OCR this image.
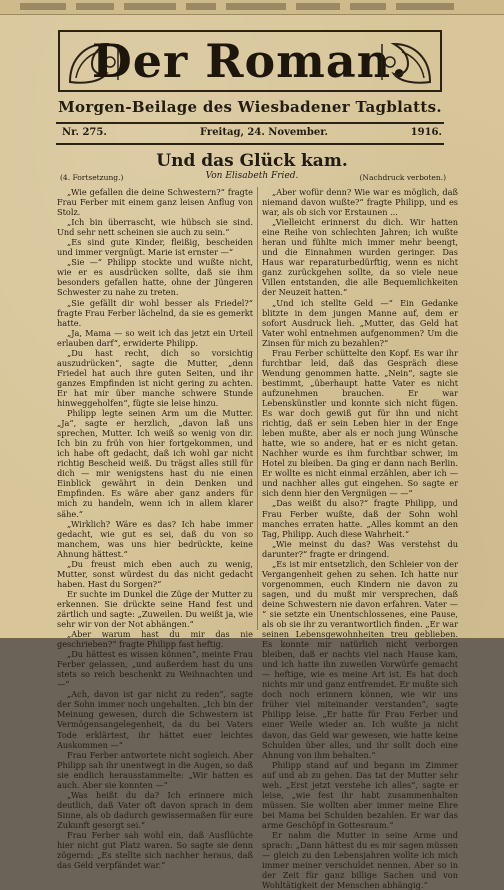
Der Roman.
Morgen-Beilage des Wiesbadener Tagblatts.
Nr. 275.	Freitag, 24. November.	1916.
Und das Glück kam.
(4. Fortsetzung.)	Von Elisabeth Fried.	(Nachdruck verboten.)

„Wie gefallen die deine Schwestern?“ fragte Frau Ferber mit einem ganz leisen Anflug von Stolz.

„Ich bin überrascht, wie hübsch sie sind. Und sehr nett scheinen sie auch zu sein.“

„Es sind gute Kinder, fleißig, bescheiden und immer vergnügt. Marie ist ernster —“

„Sie —“ Philipp stockte und wußte nicht, wie er es ausdrücken sollte, daß sie ihm besonders gefallen hatte, ohne der Jüngeren Schwester zu nahe zu treten.

„Sie gefällt dir wohl besser als Friedel?“ fragte Frau Ferber lächelnd, da sie es gemerkt hatte.

„Ja, Mama — so weit ich das jetzt ein Urteil erlauben darf“, erwiderte Philipp.

„Du hast recht, dich so vorsichtig auszudrücken“, sagte die Mutter, „denn Friedel hat auch ihre guten Seiten, und ihr ganzes Empfinden ist nicht gering zu achten. Er hat mir über manche schwere Stunde hinweggeholfen“, fügte sie leise hinzu.

Philipp legte seinen Arm um die Mutter. „Ja“, sagte er herzlich, „davon laß uns sprechen, Mutter. Ich weiß so wenig von dir. Ich bin zu früh von hier fortgekommen, und ich habe oft gedacht, daß ich wohl gar nicht richtig Bescheid weiß. Du trägst alles still für dich — mir wenigstens hast du nie einen Einblick gewährt in dein Denken und Empfinden. Es wäre aber ganz anders für mich zu handeln, wenn ich in allem klarer sähe.“

„Wirklich? Wäre es das? Ich habe immer gedacht, wie gut es sei, daß du von so manchem, was uns hier bedrückte, keine Ahnung hättest.“

„Du freust mich eben auch zu wenig, Mutter, sonst würdest du das nicht gedacht haben. Hast du Sorgen?“

Er suchte im Dunkel die Züge der Mutter zu erkennen. Sie drückte seine Hand fest und zärtlich und sagte: „Zuweilen. Du weißt ja, wie sehr wir von der Not abhängen.“

„Aber warum hast du mir das nie geschrieben?“ fragte Philipp fast heftig.

„Du hättest es wissen können“, meinte Frau Ferber gelassen, „und außerdem hast du uns stets so reich beschenkt zu Weihnachten und —“

„Ach, davon ist gar nicht zu reden“, sagte der Sohn immer noch ungehalten. „Ich bin der Meinung gewesen, durch die Schwestern ist Vermögensangelegenheit, da du bei Vaters Tode erklärtest, ihr hättet euer leichtes Auskommen —“

Frau Ferber antwortete nicht sogleich. Aber Philipp sah ihr unentwegt in die Augen, so daß sie endlich herausstammelte: „Wir hatten es auch. Aber sie konnten —“

„Was heißt du da? Ich erinnere mich deutlich, daß Vater oft davon sprach in dem Sinne, als ob dadurch gewissermaßen für eure Zukunft gesorgt sei.“

Frau Ferber sah wohl ein, daß Ausflüchte hier nicht gut Platz waren. So sagte sie denn zögernd: „Es stellte sich nachher heraus, daß das Geld verpfändet war.“

„Aber wofür denn? Wie war es möglich, daß niemand davon wußte?“ fragte Philipp, und es war, als ob sich vor Erstaunen ...

„Vielleicht erinnerst du dich. Wir hatten eine Reihe von schlechten Jahren; ich wußte heran und fühlte mich immer mehr beengt, und die Einnahmen wurden geringer. Das Haus war reparaturbedürftig, wenn es nicht ganz zurückgehen sollte, da so viele neue Villen entstanden, die alle Bequemlichkeiten der Neuzeit hatten.“

„Und ich stellte Geld —“ Ein Gedanke blitzte in dem jungen Manne auf, dem er sofort Ausdruck lieh. „Mutter, das Geld hat Vater wohl entnehmen aufgenommen? Um die Zinsen für mich zu bezahlen?“

Frau Ferber schüttelte den Kopf. Es war ihr furchtbar leid, daß das Gespräch diese Wendung genommen hatte. „Nein“, sagte sie bestimmt, „überhaupt hatte Vater es nicht aufzunehmen brauchen. Er war Lebenskünstler und konnte sich nicht fügen. Es war doch gewiß gut für ihn und nicht richtig, daß er sein Leben hier in der Enge leben mußte, aber als er noch jung Wünsche hatte, wie so andere, hat er es nicht getan. Nachher wurde es ihm furchtbar schwer, im Hotel zu bleiben. Da ging er dann nach Berlin. Er wollte es nicht einmal erzählen, aber ich — und nachher alles gut eingehen. So sagte er sich denn hier den Vergnügen — —“

„Das weißt du also?“ fragte Philipp, und Frau Ferber wußte, daß der Sohn wohl manches erraten hatte. „Alles kommt an den Tag, Philipp. Auch diese Wahrheit.“

„Wie meinst du das? Was verstehst du darunter?“ fragte er dringend.

„Es ist mir entsetzlich, den Schleier von der Vergangenheit gehen zu sehen. Ich hatte nur vorgenommen, euch Kindern nie davon zu sagen, und du mußt mir versprechen, daß deine Schwestern nie davon erfahren. Vater — “ sie setzte ein Unentschlossenes, eine Pause, als ob sie ihr zu verantwortlich finden. „Er war seinen Lebensgewohnheiten treu geblieben. Es konnte mir natürlich nicht verborgen bleiben, daß er nachts viel nach Hause kam, und ich hatte ihn zuweilen Vorwürfe gemacht — heftige, wie es meine Art ist. Es hat doch nichts mir und ganz entfremdet. Er mußte sich doch noch erinnern können, wie wir uns früher viel miteinander verstanden“, sagte Philipp leise. „Er hatte für Frau Ferber und einer Weile wieder an. Ich wußte ja nicht davon, das Geld war gewesen, wie hatte keine Schulden über alles, und ihr sollt doch eine Ahnung von ihm behalten.“

Philipp stand auf und begann im Zimmer auf und ab zu gehen. Das tat der Mutter sehr weh. „Erst jetzt verstehe ich alles“, sagte er leise, „wie fest ihr habt zusammenhalten müssen. Sie wollten aber immer meine Ehre bei Mama bei Schulden bezahlen. Er war das arme Geschöpf in Gottesraum.“

Er nahm die Mutter in seine Arme und sprach: „Dann hättest du es mir sagen müssen — gleich zu den Lebensjahren wollte ich mich immer meiner verschuldet nennen. Aber so in der Zeit für ganz billige Sachen und von Wohltätigkeit der Menschen abhängig.“
